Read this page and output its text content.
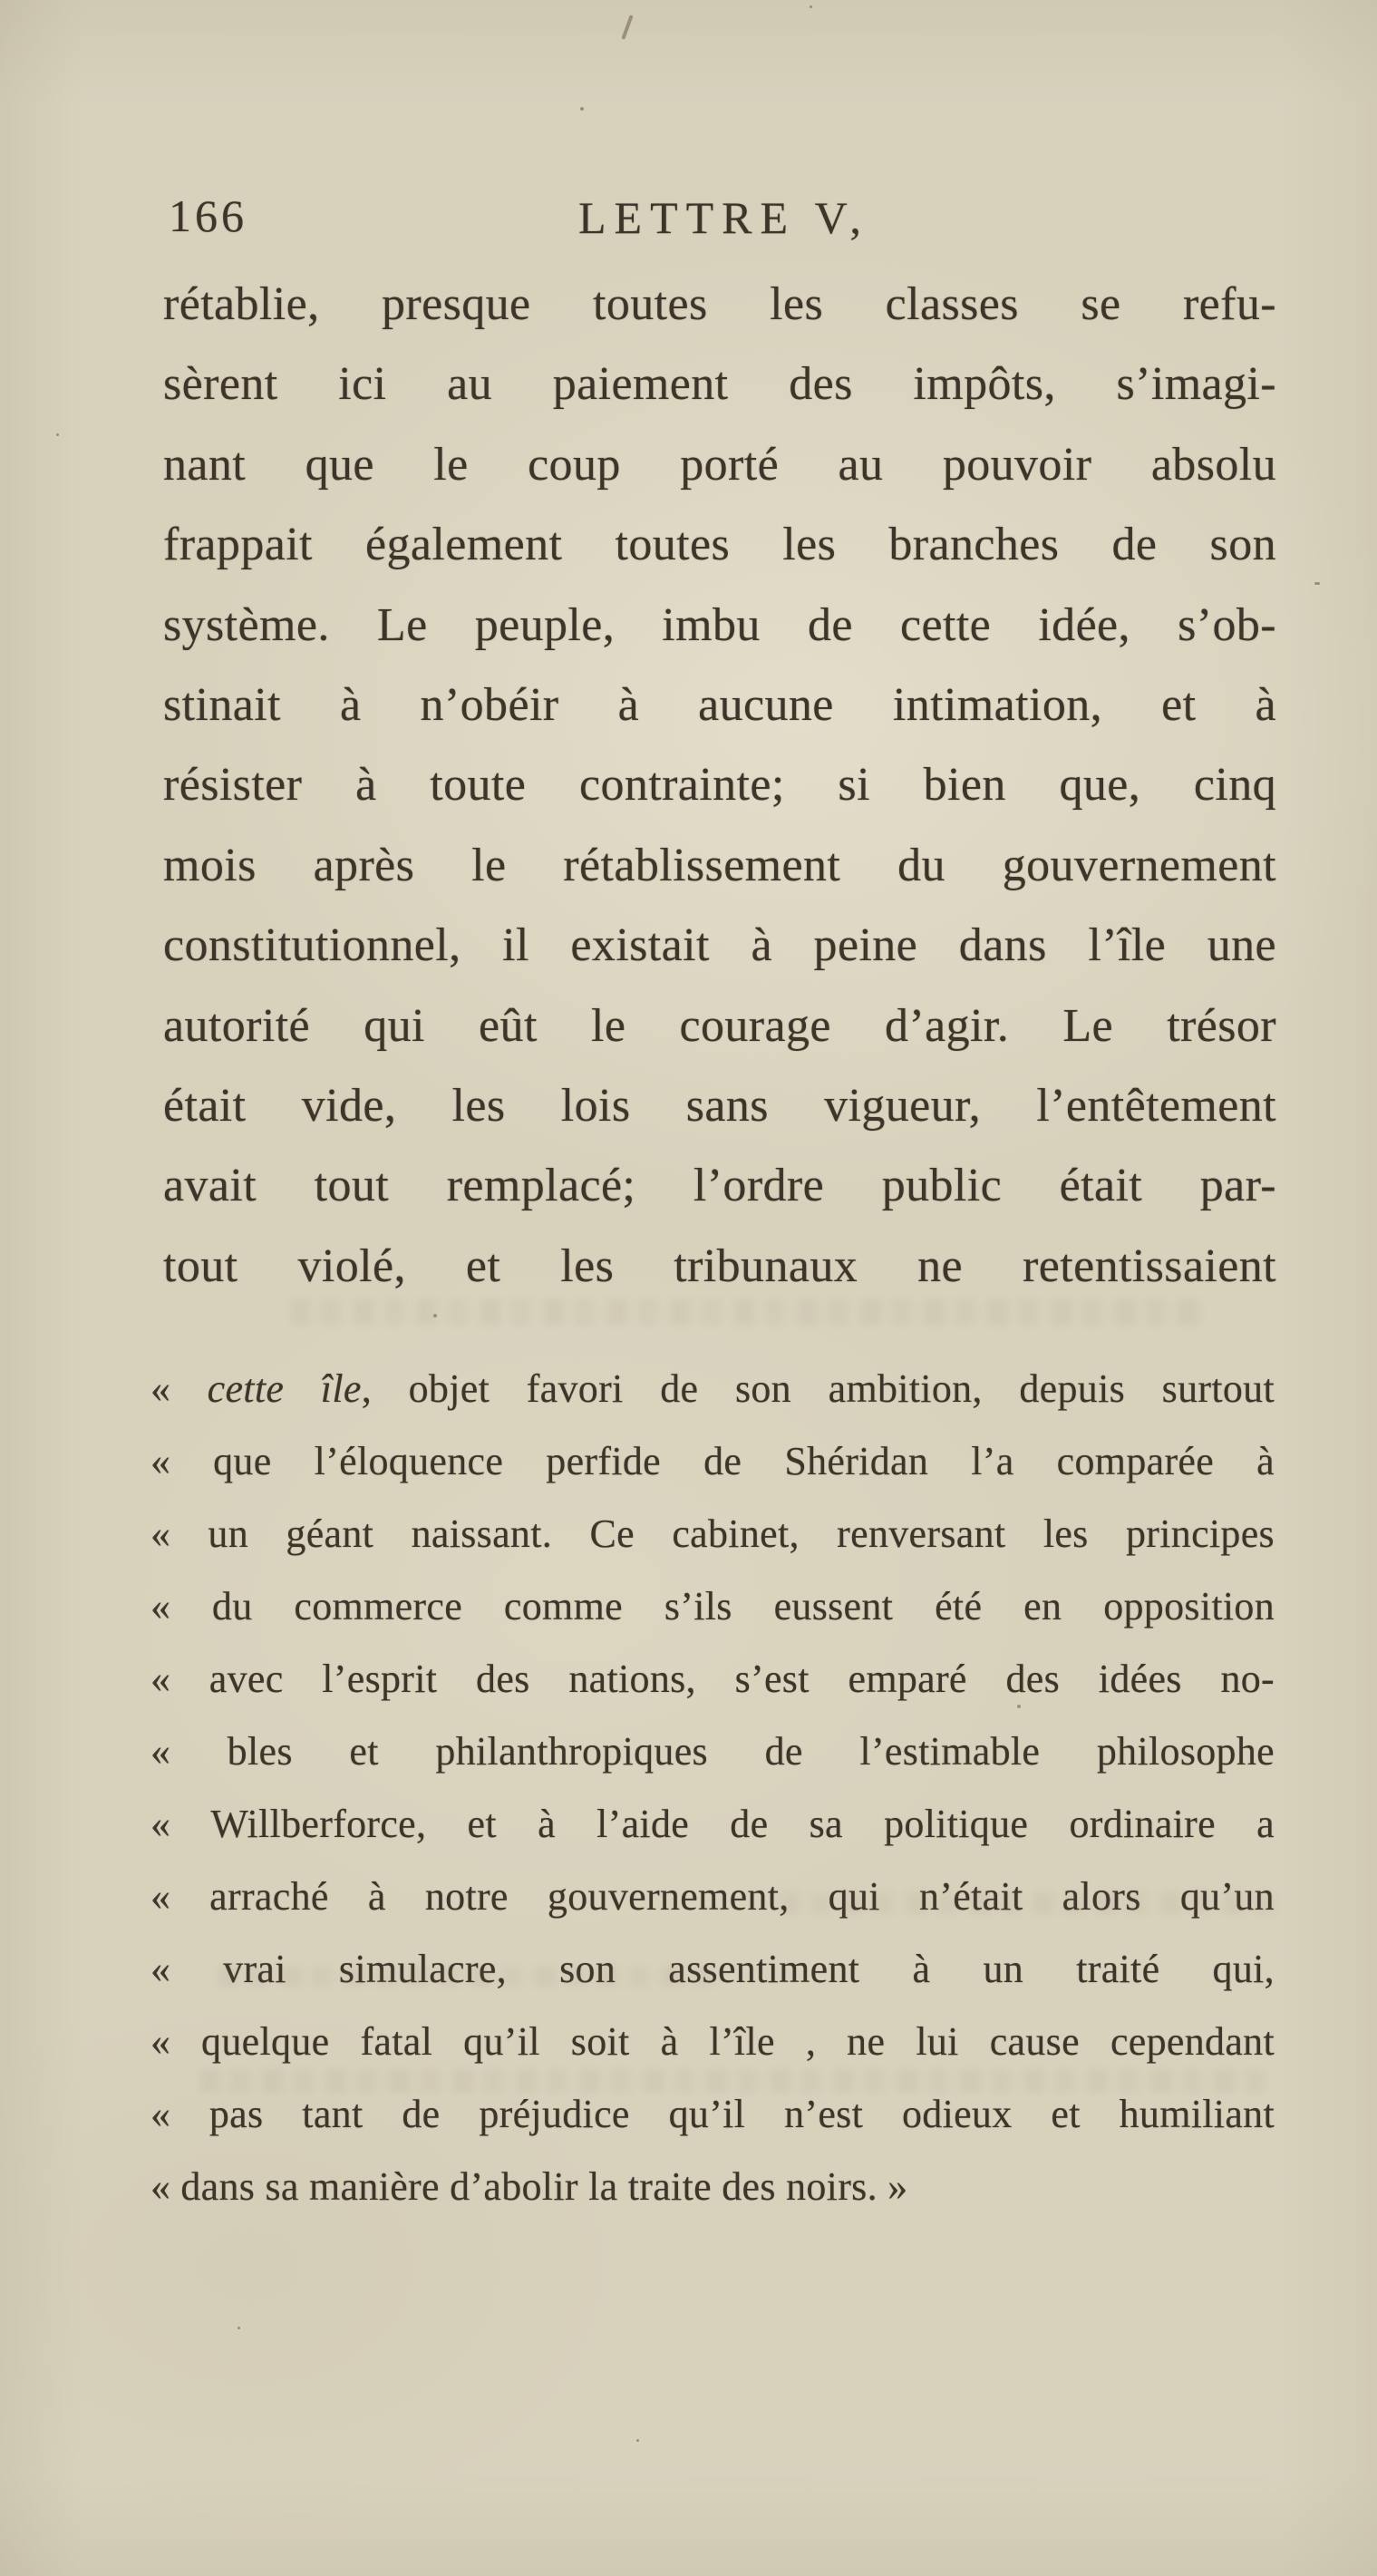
166	LETTRE V,
rétablie, presque toutes les classes se refu-
sèrent ici au paiement des impôts, s’imagi-
nant que le coup porté au pouvoir absolu
frappait également toutes les branches de son
système. Le peuple, imbu de cette idée, s’ob-
stinait à n’obéir à aucune intimation, et à
résister à toute contrainte; si bien que, cinq
mois après le rétablissement du gouvernement
constitutionnel, il existait à peine dans l’île une
autorité qui eût le courage d’agir. Le trésor
était vide, les lois sans vigueur, l’entêtement
avait tout remplacé; l’ordre public était par-
tout violé, et les tribunaux ne retentissaient
« cette île, objet favori de son ambition, depuis surtout
« que l’éloquence perfide de Shéridan l’a comparée à
« un géant naissant. Ce cabinet, renversant les principes
« du commerce comme s’ils eussent été en opposition
« avec l’esprit des nations, s’est emparé des idées no-
« bles et philanthropiques de l’estimable philosophe
« Willberforce, et à l’aide de sa politique ordinaire a
« arraché à notre gouvernement, qui n’était alors qu’un
« vrai simulacre, son assentiment à un traité qui,
« quelque fatal qu’il soit à l’île , ne lui cause cependant
« pas tant de préjudice qu’il n’est odieux et humiliant
« dans sa manière d’abolir la traite des noirs. »
